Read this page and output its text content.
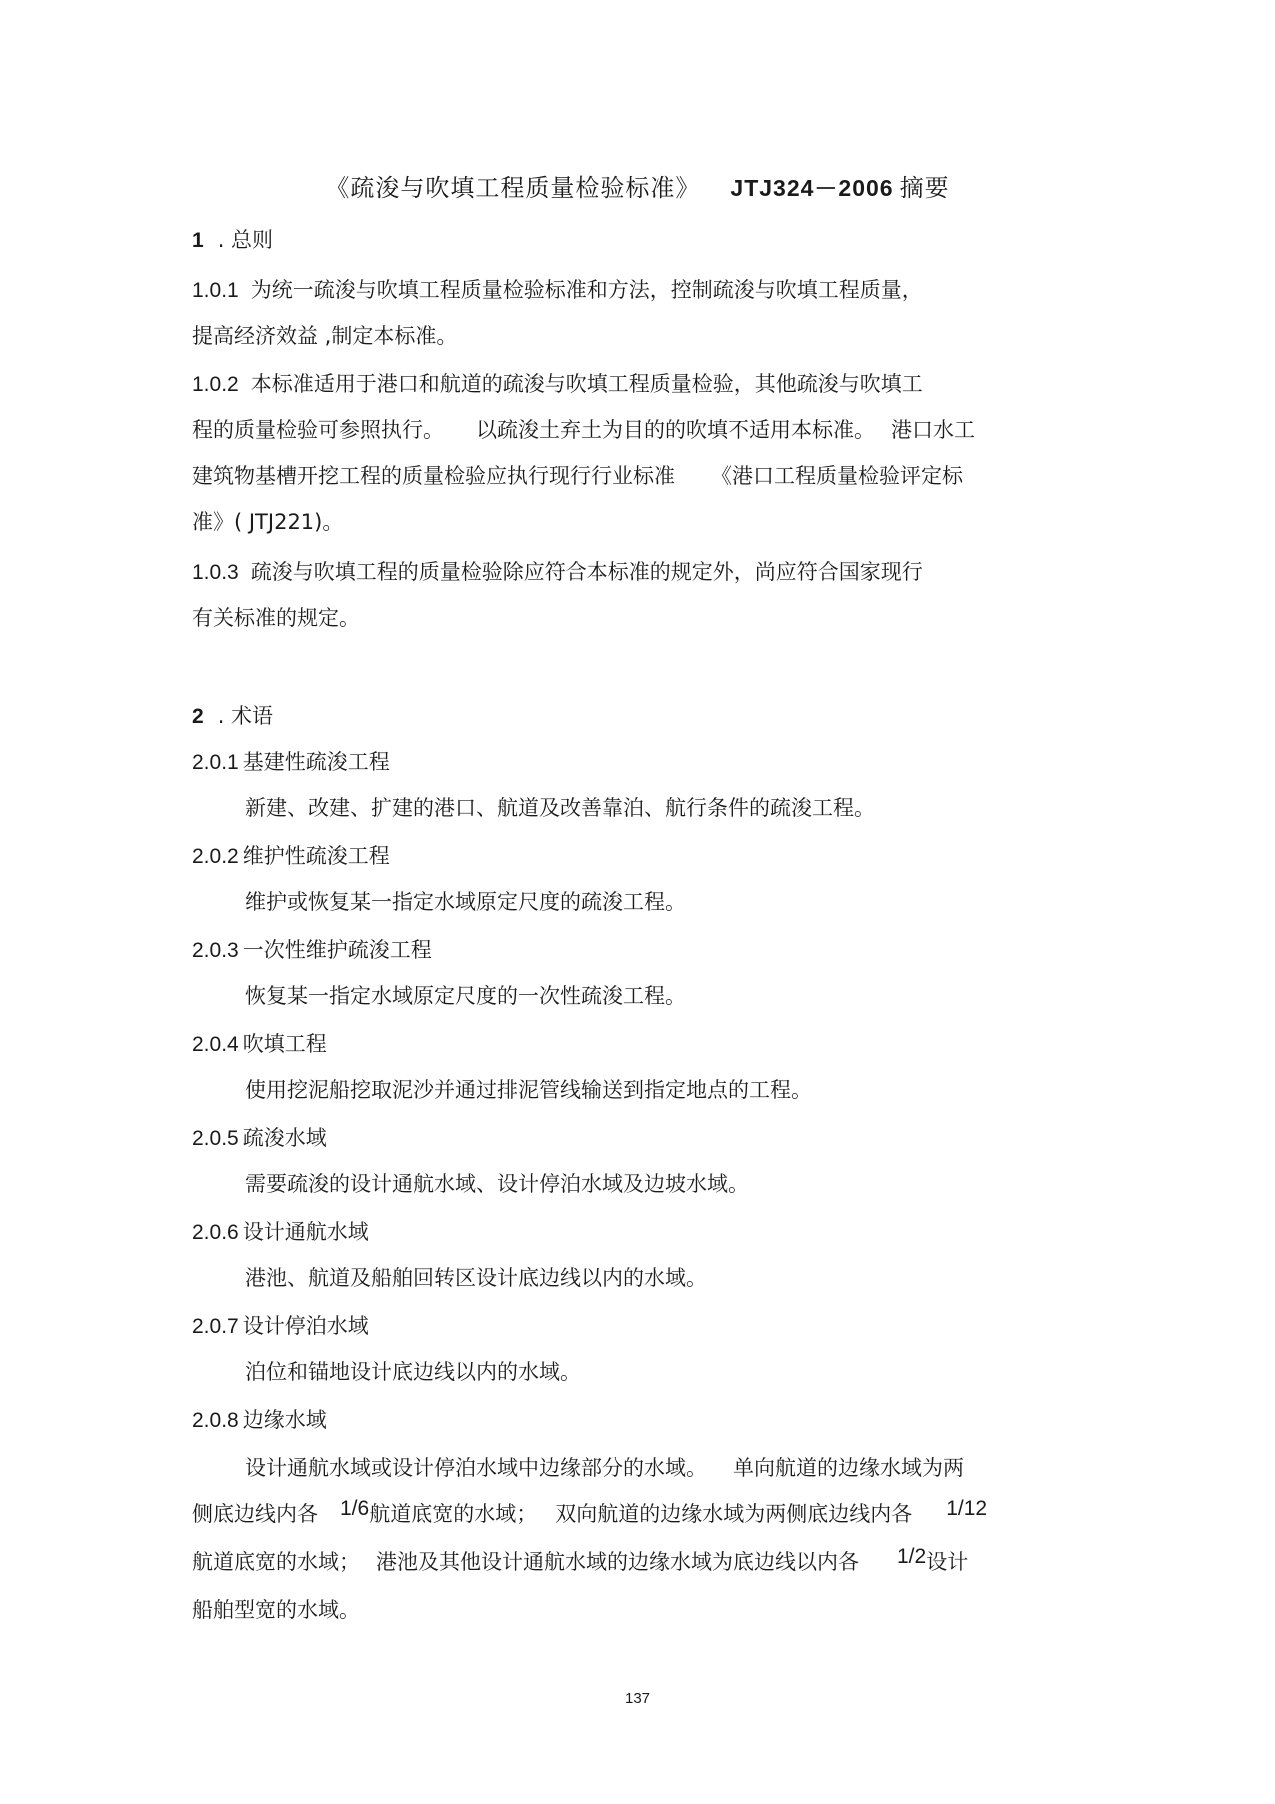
《疏浚与吹填工程质量检验标准》 JTJ324－2006 摘要
1 . 总则
1.0.1 为统一疏浚与吹填工程质量检验标准和方法，控制疏浚与吹填工程质量，
提高经济效益 ,制定本标准。
1.0.2 本标准适用于港口和航道的疏浚与吹填工程质量检验，其他疏浚与吹填工
程的质量检验可参照执行。 以疏浚土弃土为目的的吹填不适用本标准。 港口水工
建筑物基槽开挖工程的质量检验应执行现行行业标准 《港口工程质量检验评定标
准》( JTJ221)。
1.0.3 疏浚与吹填工程的质量检验除应符合本标准的规定外，尚应符合国家现行
有关标准的规定。
2 . 术语
2.0.1 基建性疏浚工程
新建、改建、扩建的港口、航道及改善靠泊、航行条件的疏浚工程。
2.0.2 维护性疏浚工程
维护或恢复某一指定水域原定尺度的疏浚工程。
2.0.3 一次性维护疏浚工程
恢复某一指定水域原定尺度的一次性疏浚工程。
2.0.4 吹填工程
使用挖泥船挖取泥沙并通过排泥管线输送到指定地点的工程。
2.0.5 疏浚水域
需要疏浚的设计通航水域、设计停泊水域及边坡水域。
2.0.6 设计通航水域
港池、航道及船舶回转区设计底边线以内的水域。
2.0.7 设计停泊水域
泊位和锚地设计底边线以内的水域。
2.0.8 边缘水域
设计通航水域或设计停泊水域中边缘部分的水域。 单向航道的边缘水域为两
侧底边线内各 1/6航道底宽的水域； 双向航道的边缘水域为两侧底边线内各 1/12
航道底宽的水域； 港池及其他设计通航水域的边缘水域为底边线以内各 1/2设计
船舶型宽的水域。
137
